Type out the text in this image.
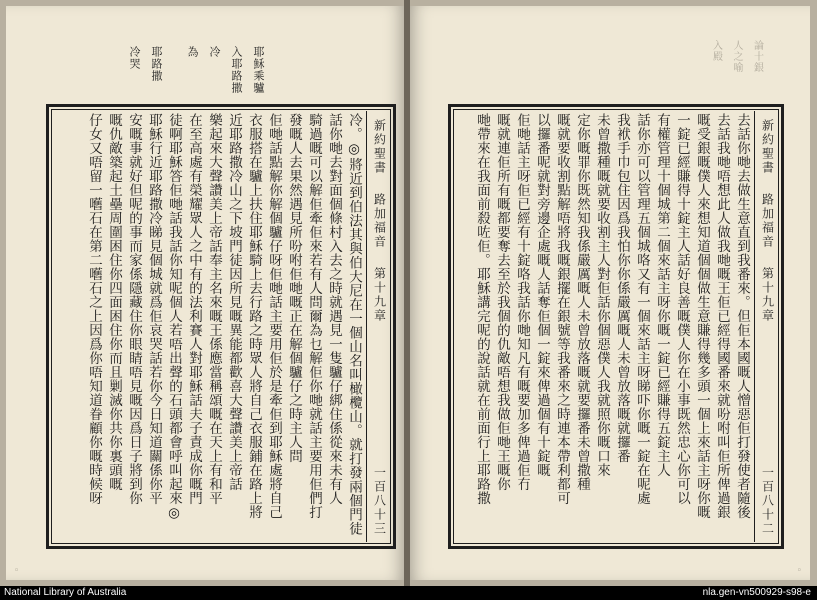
耶穌乘驢
入耶路撒
冷
為
耶路撒
冷哭
新約聖書
路加福音
第十九章
一百八十三
冷。◎將近到伯法其與伯大尼在一個山名叫橄欖山。就打發兩個門徒
話你哋去對面個條村入去之時就遇見一隻驢仔綁住係從來未有人
騎過嘅可以解佢牽佢來若有人問爾為乜解佢你哋就話主要用佢們打
發嘅人去果然遇見所吩咐佢哋嘅正在解個驢仔之時主人問
佢哋話點解你解個驢仔呀佢哋話主要用佢於是牽佢到耶穌處將自己
衣服搭在驢上扶住耶穌騎上去行路之時眾人將自己衣服鋪在路上將
近耶路撒冷山之下坡門徒因所見嘅異能都歡喜大聲讚美上帝話
樂起來大聲讚美上帝話奉主名來嘅王係應當稱頌嘅在天上有和平
在至高處有榮耀眾人之中有的法利賽人對耶穌話夫子責成你嘅門
徒啊耶穌答佢哋話我話你知呢個人若唔出聲的石頭都會呼叫起來◎
耶穌行近耶路撒冷睇見個城就爲佢哀哭話若你今日知道關係你平
安嘅事就好但呢的事而家係隱藏住你眼睛唔見嘅因爲日子將到你
嘅仇敵築起土壘周圍困住你四面困住你而且剿滅你共你裏頭嘅
仔女又唔留一嚿石在第二嚿石之上因爲你唔知道眷顧你嘅時候呀
◦
論十銀
人之喻
入殿
新約聖書
路加福音
第十九章
一百八十二
去話你哋去做生意直到我番來。但佢本國嘅人憎惡佢打發使者隨後
去話我哋唔想此人做我哋嘅王佢已經得國番來就吩咐叫佢所俾過銀
嘅受銀嘅僕人來想知道個個做生意賺得幾多頭一個上來話主呀你嘅
一錠已經賺得十錠主人話好良善嘅僕人你在小事既然忠心你可以
有權管理十個城第二個來話主呀你嘅一錠已經賺得五錠主人
話你亦可以管理五個城咯又有一個來話主呀睇吓你嘅一錠在呢處
我袱手巾包住因爲我怕你你係嚴厲嘅人未曾放落嘅就攞番
未曾撒種嘅就要收割主人對佢話你個惡僕人我就照你嘅口來
定你嘅罪你既然知我係嚴厲嘅人未曾放落嘅就要攞番未曾撒種
嘅就要收割點解唔將我嘅銀擺在銀號等我番來之時連本帶利都可
以攞番呢就對旁邊企處嘅人話奪佢個一錠來俾過個有十錠嘅
佢哋話主呀佢已經有十錠咯我話你哋知凡有嘅要加多俾過佢冇
嘅就連佢所有嘅都要奪去至於我個的仇敵唔想我做佢哋王嘅你
哋帶來在我面前殺咗佢。耶穌講完呢的說話就在前面行上耶路撒
◦
National Library of Australia	nla.gen-vn500929-s98-e
